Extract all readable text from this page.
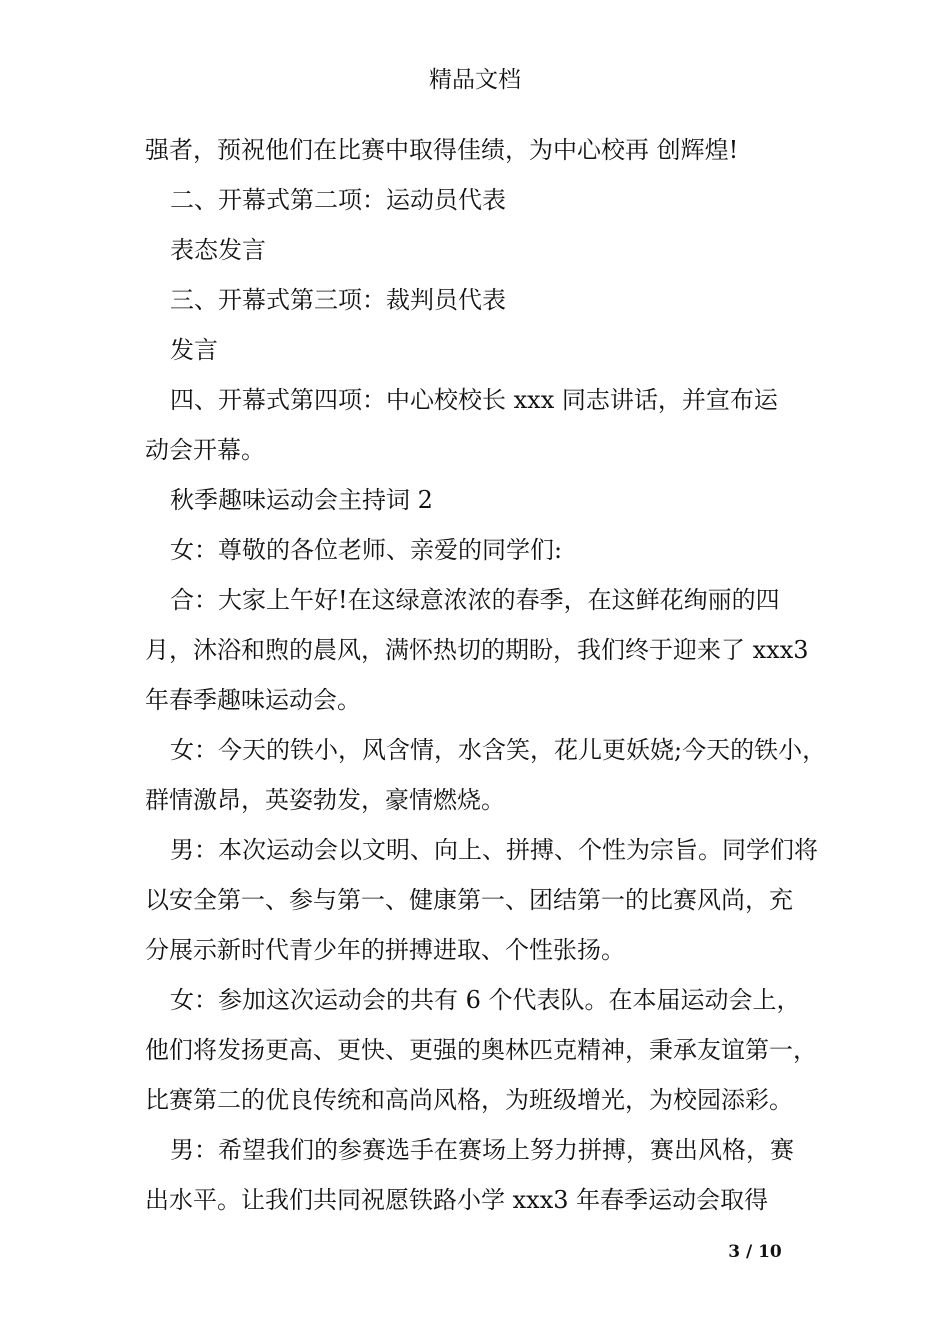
精品文档
强者，预祝他们在比赛中取得佳绩，为中心校再 创辉煌!
二、开幕式第二项：运动员代表
表态发言
三、开幕式第三项：裁判员代表
发言
四、开幕式第四项：中心校校长 xxx 同志讲话，并宣布运
动会开幕。
秋季趣味运动会主持词 2
女：尊敬的各位老师、亲爱的同学们:
合：大家上午好!在这绿意浓浓的春季，在这鲜花绚丽的四
月，沐浴和煦的晨风，满怀热切的期盼，我们终于迎来了 xxx3
年春季趣味运动会。
女：今天的铁小，风含情，水含笑，花儿更妖娆;今天的铁小，
群情激昂，英姿勃发，豪情燃烧。
男：本次运动会以文明、向上、拼搏、个性为宗旨。同学们将
以安全第一、参与第一、健康第一、团结第一的比赛风尚，充
分展示新时代青少年的拼搏进取、个性张扬。
女：参加这次运动会的共有 6 个代表队。在本届运动会上，
他们将发扬更高、更快、更强的奥林匹克精神，秉承友谊第一，
比赛第二的优良传统和高尚风格，为班级增光，为校园添彩。
男：希望我们的参赛选手在赛场上努力拼搏，赛出风格，赛
出水平。让我们共同祝愿铁路小学 xxx3 年春季运动会取得
3 / 10
